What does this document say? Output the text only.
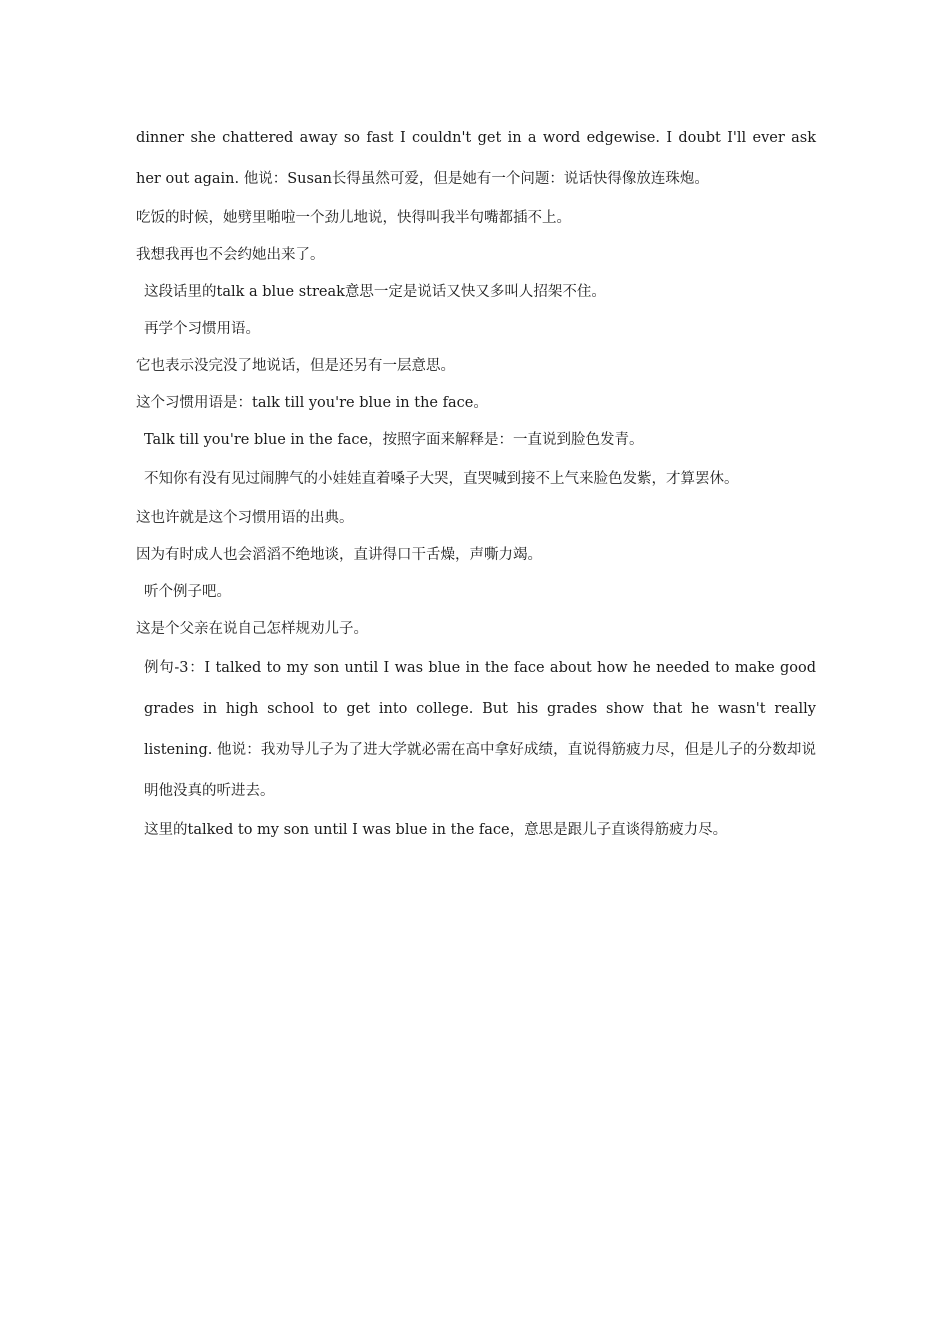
dinner she chattered away so fast I couldn't get in a word edgewise. I doubt I'll ever ask her out again. 他说：Susan长得虽然可爱，但是她有一个问题：说话快得像放连珠炮。

吃饭的时候，她劈里啪啦一个劲儿地说，快得叫我半句嘴都插不上。

我想我再也不会约她出来了。

这段话里的talk a blue streak意思一定是说话又快又多叫人招架不住。

再学个习惯用语。

它也表示没完没了地说话，但是还另有一层意思。

这个习惯用语是：talk till you're blue in the face。

Talk till you're blue in the face，按照字面来解释是：一直说到脸色发青。

不知你有没有见过闹脾气的小娃娃直着嗓子大哭，直哭喊到接不上气来脸色发紫，才算罢休。

这也许就是这个习惯用语的出典。

因为有时成人也会滔滔不绝地谈，直讲得口干舌燥，声嘶力竭。

听个例子吧。

这是个父亲在说自己怎样规劝儿子。

例句-3：I talked to my son until I was blue in the face about how he needed to make good grades in high school to get into college. But his grades show that he wasn't really listening. 他说：我劝导儿子为了进大学就必需在高中拿好成绩，直说得筋疲力尽，但是儿子的分数却说明他没真的听进去。

这里的talked to my son until I was blue in the face，意思是跟儿子直谈得筋疲力尽。
